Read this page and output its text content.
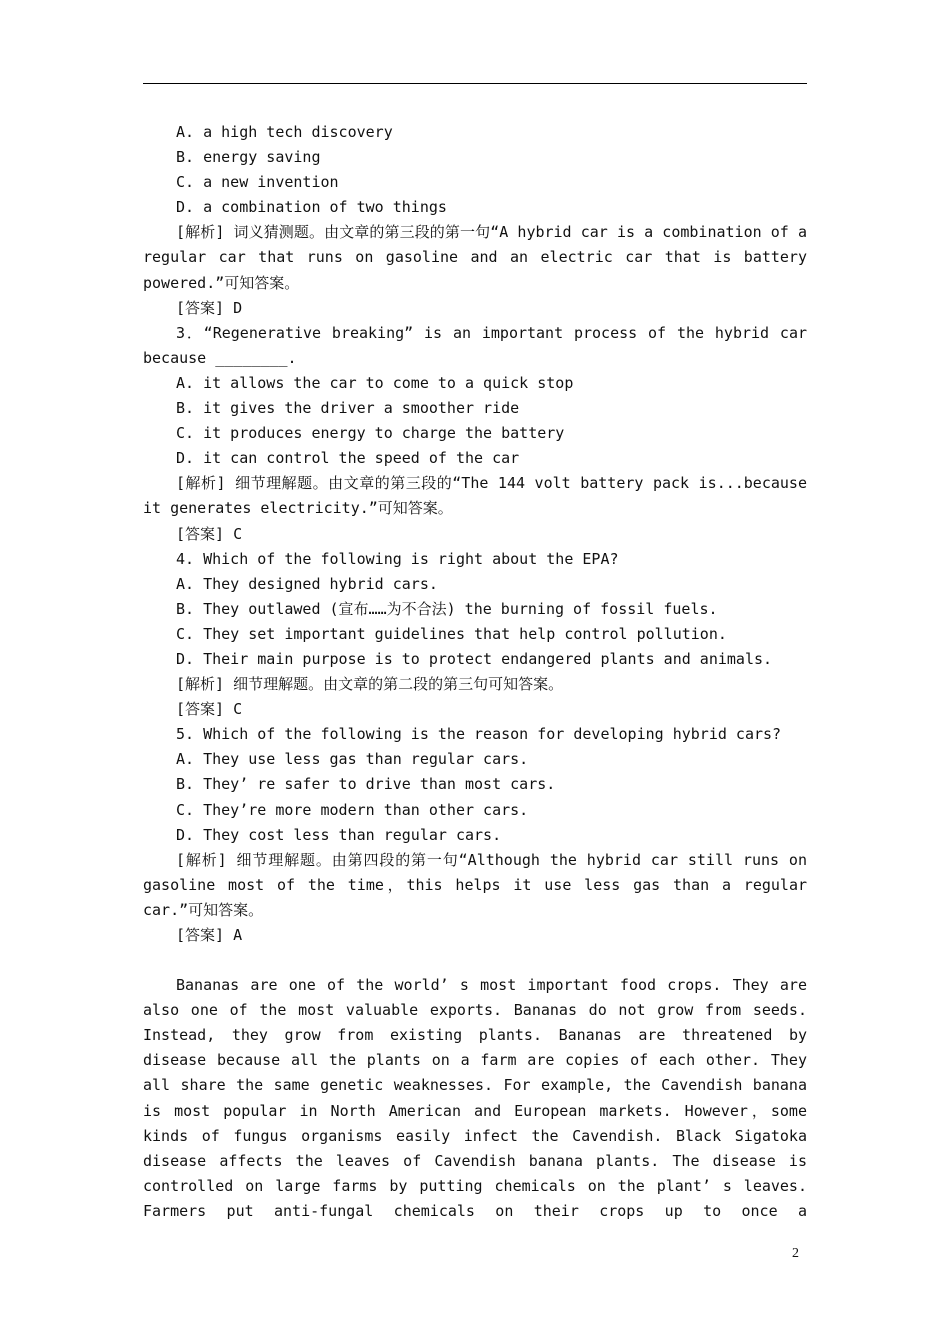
A. a high tech discovery

B. energy saving

C. a new invention

D. a combination of two things

[解析] 词义猜测题。由文章的第三段的第一句“A hybrid car is a combination of a regular car that runs on gasoline and an electric car that is battery powered.”可知答案。

[答案] D

3．“Regenerative breaking” is an important process of the hybrid car because ________.

A. it allows the car to come to a quick stop

B. it gives the driver a smoother ride

C. it produces energy to charge the battery

D. it can control the speed of the car

[解析] 细节理解题。由文章的第三段的“The 144 volt battery pack is...because it generates electricity.”可知答案。

[答案] C

4. Which of the following is right about the EPA?

A. They designed hybrid cars.

B. They outlawed (宣布……为不合法) the burning of fossil fuels.

C. They set important guidelines that help control pollution.

D. Their main purpose is to protect endangered plants and animals.

[解析] 细节理解题。由文章的第二段的第三句可知答案。

[答案] C

5. Which of the following is the reason for developing hybrid cars?

A. They use less gas than regular cars.

B. They’ re safer to drive than most cars.

C. They’re more modern than other cars.

D. They cost less than regular cars.

[解析] 细节理解题。由第四段的第一句“Although the hybrid car still runs on gasoline most of the time，this helps it use less gas than a regular car.”可知答案。

[答案] A

Bananas are one of the world’ s most important food crops. They are also one of the most valuable exports. Bananas do not grow from seeds. Instead, they grow from existing plants. Bananas are threatened by disease because all the plants on a farm are copies of each other. They all share the same genetic weaknesses. For example, the Cavendish banana is most popular in North American and European markets. However，some kinds of fungus organisms easily infect the Cavendish. Black Sigatoka disease affects the leaves of Cavendish banana plants. The disease is controlled on large farms by putting chemicals on the plant’ s leaves. Farmers put anti-fungal chemicals on their crops up to once a

2
